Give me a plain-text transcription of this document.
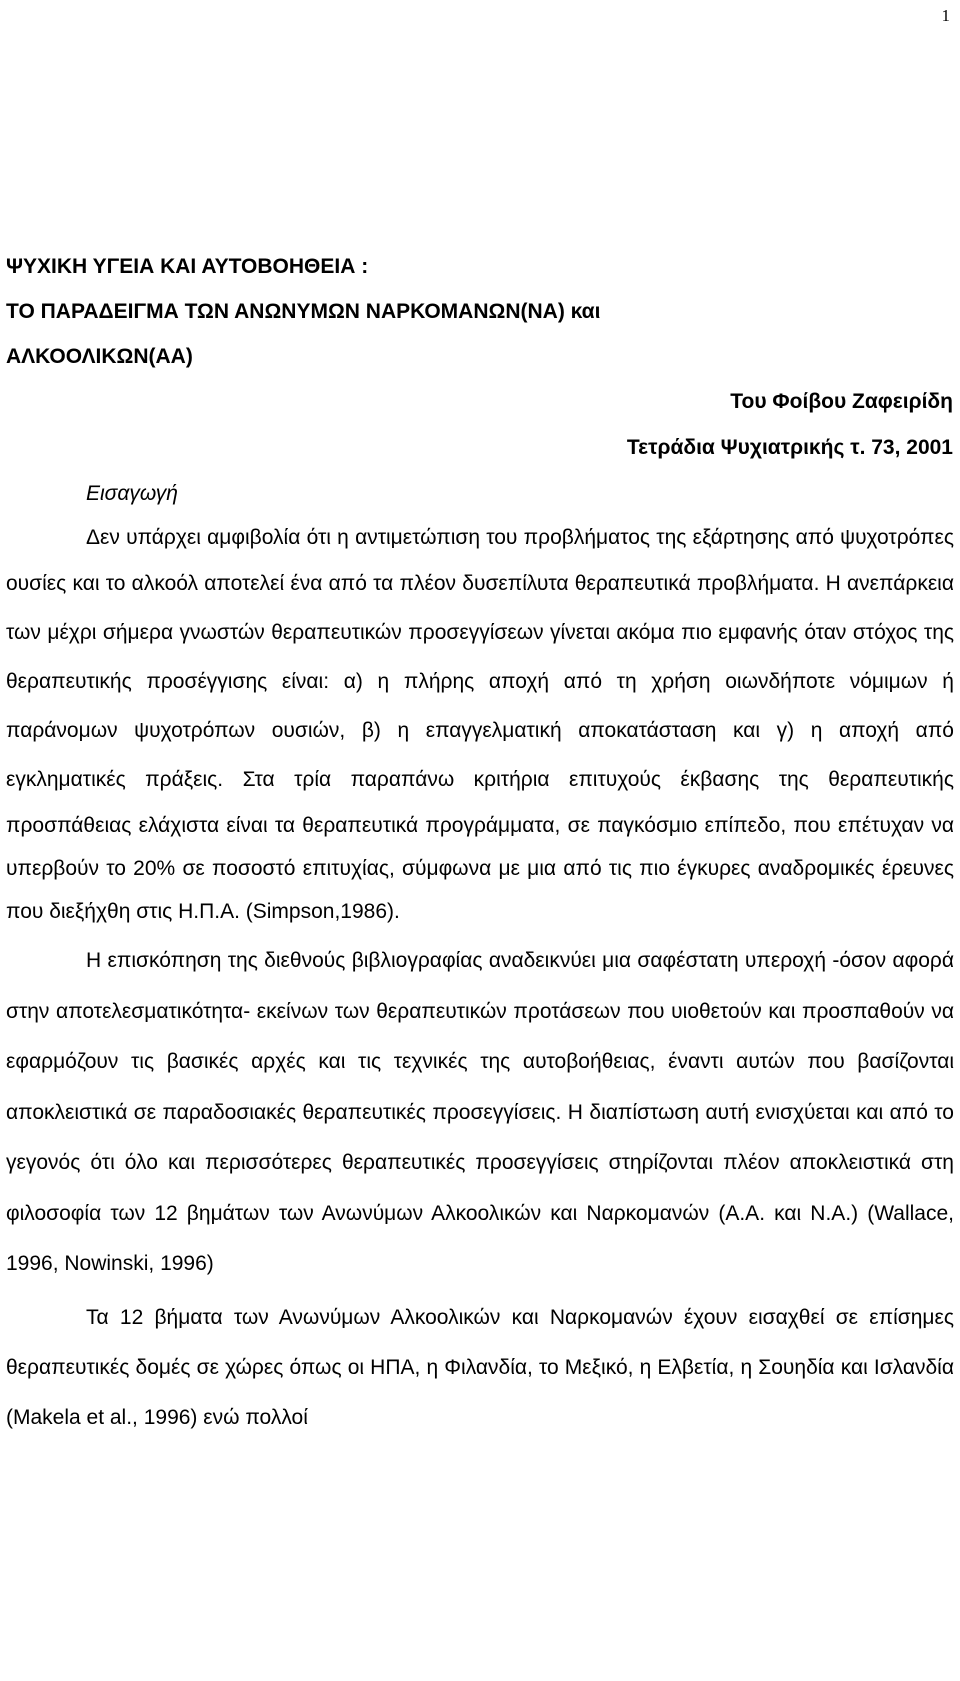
1
ΨΥΧΙΚΗ ΥΓΕΙΑ ΚΑΙ ΑΥΤΟΒΟΗΘΕΙΑ :
ΤΟ ΠΑΡΑΔΕΙΓΜΑ ΤΩΝ ΑΝΩΝΥΜΩΝ ΝΑΡΚΟΜΑΝΩΝ(ΝΑ) και
ΑΛΚΟΟΛΙΚΩΝ(ΑΑ)
Του Φοίβου Ζαφειρίδη
Τετράδια Ψυχιατρικής τ. 73, 2001
Εισαγωγή

Δεν υπάρχει αμφιβολία ότι η αντιμετώπιση του προβλήματος της εξάρτησης από ψυχοτρόπες ουσίες και το αλκοόλ αποτελεί ένα από τα πλέον δυσεπίλυτα θεραπευτικά προβλήματα. Η ανεπάρκεια των μέχρι σήμερα γνωστών θεραπευτικών προσεγγίσεων γίνεται ακόμα πιο εμφανής όταν στόχος της θεραπευτικής προσέγγισης είναι: α) η πλήρης αποχή από τη χρήση οιωνδήποτε νόμιμων ή παράνομων ψυχοτρόπων ουσιών, β) η επαγγελματική αποκατάσταση και γ) η αποχή από εγκληματικές πράξεις. Στα τρία παραπάνω κριτήρια επιτυχούς έκβασης της θεραπευτικής προσπάθειας ελάχιστα είναι τα θεραπευτικά προγράμματα, σε παγκόσμιο επίπεδο, που επέτυχαν να υπερβούν το 20% σε ποσοστό επιτυχίας, σύμφωνα με μια από τις πιο έγκυρες αναδρομικές έρευνες που διεξήχθη στις Η.Π.Α. (Simpson,1986).

Η επισκόπηση της διεθνούς βιβλιογραφίας αναδεικνύει μια σαφέστατη υπεροχή -όσον αφορά στην αποτελεσματικότητα- εκείνων των θεραπευτικών προτάσεων που υιοθετούν και προσπαθούν να εφαρμόζουν τις βασικές αρχές και τις τεχνικές της αυτοβοήθειας, έναντι αυτών που βασίζονται αποκλειστικά σε παραδοσιακές θεραπευτικές προσεγγίσεις. Η διαπίστωση αυτή ενισχύεται και από το γεγονός ότι όλο και περισσότερες θεραπευτικές προσεγγίσεις στηρίζονται πλέον αποκλειστικά στη φιλοσοφία των 12 βημάτων των Ανωνύμων Αλκοολικών και Ναρκομανών (Α.Α. και Ν.Α.) (Wallace, 1996, Nowinski, 1996)

Τα 12 βήματα των Ανωνύμων Αλκοολικών και Ναρκομανών έχουν εισαχθεί σε επίσημες θεραπευτικές δομές σε χώρες όπως οι ΗΠΑ, η Φιλανδία, το Μεξικό, η Ελβετία, η Σουηδία και Ισλανδία (Makela et al., 1996) ενώ πολλοί
